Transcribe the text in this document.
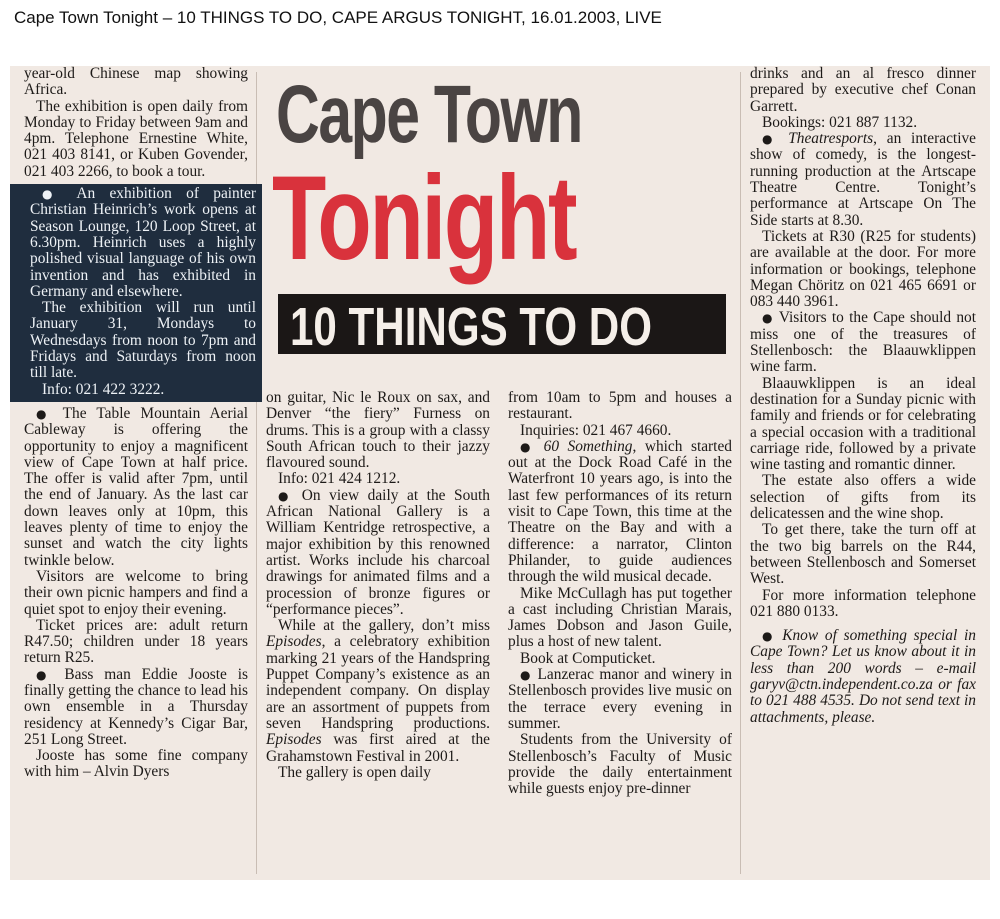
Cape Town Tonight – 10 THINGS TO DO, CAPE ARGUS TONIGHT, 16.01.2003, LIVE

year-old Chinese map showing Africa.

The exhibition is open daily from Monday to Friday between 9am and 4pm. Telephone Ernestine White, 021 403 8141, or Kuben Govender, 021 403 2266, to book a tour.

● An exhibition of painter Christian Heinrich’s work opens at Season Lounge, 120 Loop Street, at 6.30pm. Heinrich uses a highly polished visual language of his own invention and has exhibited in Germany and elsewhere.

The exhibition will run until January 31, Mondays to Wednesdays from noon to 7pm and Fridays and Saturdays from noon till late.

Info: 021 422 3222.

● The Table Mountain Aerial Cableway is offering the opportunity to enjoy a magnificent view of Cape Town at half price. The offer is valid after 7pm, until the end of January. As the last car down leaves only at 10pm, this leaves plenty of time to enjoy the sunset and watch the city lights twinkle below.

Visitors are welcome to bring their own picnic hampers and find a quiet spot to enjoy their evening.

Ticket prices are: adult return R47.50; children under 18 years return R25.

● Bass man Eddie Jooste is finally getting the chance to lead his own ensemble in a Thursday residency at Kennedy’s Cigar Bar, 251 Long Street.

Jooste has some fine company with him – Alvin Dyers

Cape Town
Tonight
10 THINGS TO DO

on guitar, Nic le Roux on sax, and Denver “the fiery” Furness on drums. This is a group with a classy South African touch to their jazzy flavoured sound.

Info: 021 424 1212.

● On view daily at the South African National Gallery is a William Kentridge retrospective, a major exhibition by this renowned artist. Works include his charcoal drawings for animated films and a procession of bronze figures or “performance pieces”.

While at the gallery, don’t miss Episodes, a celebratory exhibition marking 21 years of the Handspring Puppet Company’s existence as an independent company. On display are an assortment of puppets from seven Handspring productions. Episodes was first aired at the Grahamstown Festival in 2001.

The gallery is open daily

from 10am to 5pm and houses a restaurant.

Inquiries: 021 467 4660.

● 60 Something, which started out at the Dock Road Café in the Waterfront 10 years ago, is into the last few performances of its return visit to Cape Town, this time at the Theatre on the Bay and with a difference: a narrator, Clinton Philander, to guide audiences through the wild musical decade.

Mike McCullagh has put together a cast including Christian Marais, James Dobson and Jason Guile, plus a host of new talent.

Book at Computicket.

● Lanzerac manor and winery in Stellenbosch provides live music on the terrace every evening in summer.

Students from the University of Stellenbosch’s Faculty of Music provide the daily entertainment while guests enjoy pre-dinner

drinks and an al fresco dinner prepared by executive chef Conan Garrett.

Bookings: 021 887 1132.

● Theatresports, an interactive show of comedy, is the longest-running production at the Artscape Theatre Centre. Tonight’s performance at Artscape On The Side starts at 8.30.

Tickets at R30 (R25 for students) are available at the door. For more information or bookings, telephone Megan Chöritz on 021 465 6691 or 083 440 3961.

● Visitors to the Cape should not miss one of the treasures of Stellenbosch: the Blaauwklippen wine farm.

Blaauwklippen is an ideal destination for a Sunday picnic with family and friends or for celebrating a special occasion with a traditional carriage ride, followed by a private wine tasting and romantic dinner.

The estate also offers a wide selection of gifts from its delicatessen and the wine shop.

To get there, take the turn off at the two big barrels on the R44, between Stellenbosch and Somerset West.

For more information telephone 021 880 0133.

● Know of something special in Cape Town? Let us know about it in less than 200 words – e-mail garyv@ctn.independent.co.za or fax to 021 488 4535. Do not send text in attachments, please.
